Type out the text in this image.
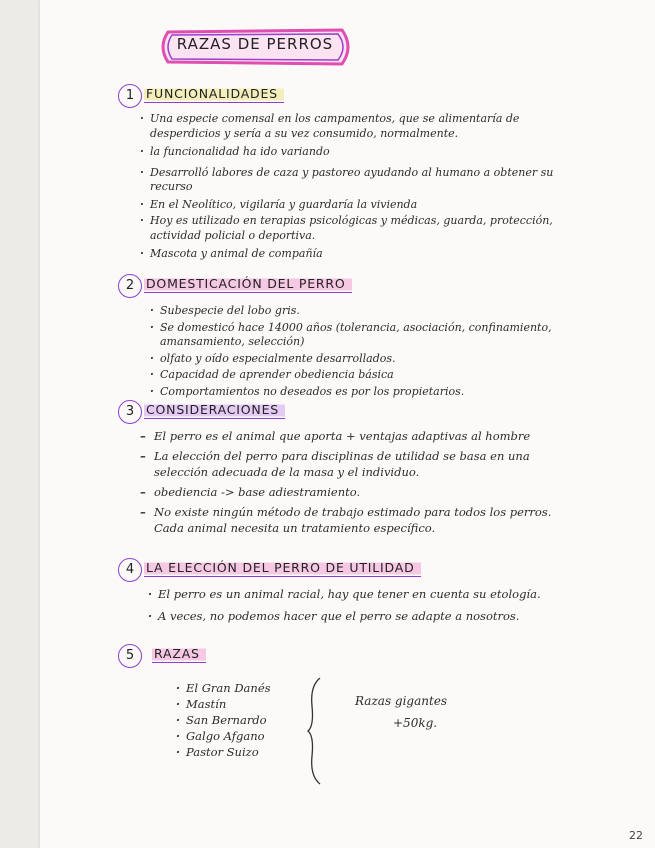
RAZAS DE PERROS
1 FUNCIONALIDADES
· Una especie comensal en los campamentos, que se alimentaría de desperdicios y sería a su vez consumido, normalmente.
· la funcionalidad ha ido variando
· Desarrolló labores de caza y pastoreo ayudando al humano a obtener su recurso
· En el Neolítico, vigilaría y guardaría la vivienda
· Hoy es utilizado en terapias psicológicas y médicas, guarda, protección, actividad policial o deportiva.
· Mascota y animal de compañía
2 DOMESTICACIÓN DEL PERRO
· Subespecie del lobo gris.
· Se domesticó hace 14000 años (tolerancia, asociación, confinamiento, amansamiento, selección)
· olfato y oído especialmente desarrollados.
· Capacidad de aprender obediencia básica
· Comportamientos no deseados es por los propietarios.
3 CONSIDERACIONES
– El perro es el animal que aporta + ventajas adaptivas al hombre
– La elección del perro para disciplinas de utilidad se basa en una selección adecuada de la masa y el individuo.
– obediencia -> base adiestramiento.
– No existe ningún método de trabajo estimado para todos los perros. Cada animal necesita un tratamiento específico.
4 LA ELECCIÓN DEL PERRO DE UTILIDAD
· El perro es un animal racial, hay que tener en cuenta su etología.
· A veces, no podemos hacer que el perro se adapte a nosotros.
5	RAZAS
· El Gran Danés
· Mastín
· San Bernardo
· Galgo Afgano
· Pastor Suizo
Razas gigantes
+50kg.
22
